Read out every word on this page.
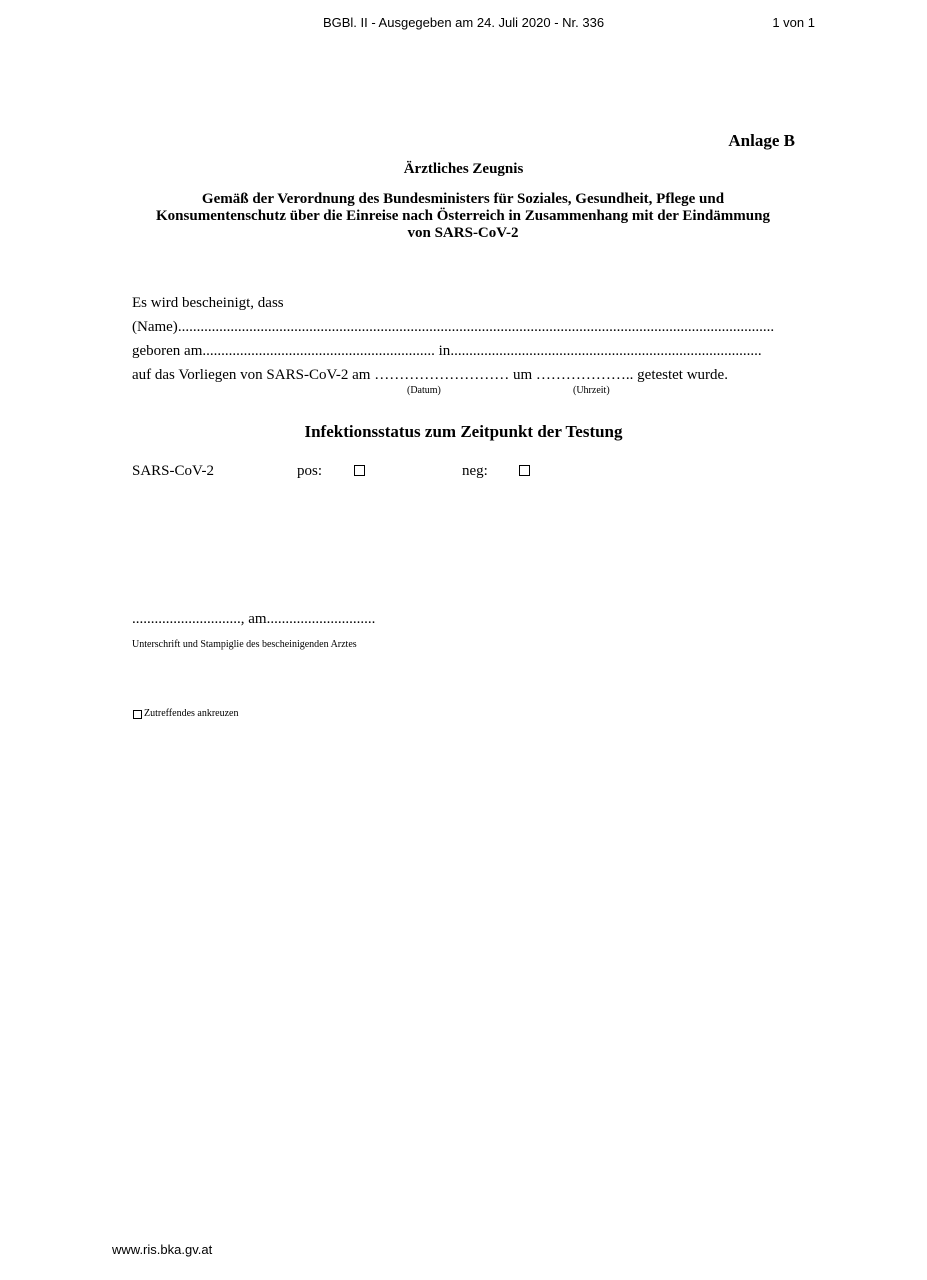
BGBl. II - Ausgegeben am 24. Juli 2020 - Nr. 336	1 von 1
Anlage B
Ärztliches Zeugnis
Gemäß der Verordnung des Bundesministers für Soziales, Gesundheit, Pflege und
Konsumentenschutz über die Einreise nach Österreich in Zusammenhang mit der Eindämmung
von SARS-CoV-2
Es wird bescheinigt, dass
(Name)...............................................................................................................................................................
geboren am.............................................................. in...................................................................................
auf das Vorliegen von SARS-CoV-2 am ……………………… um ……………….. getestet wurde.
(Datum)	(Uhrzeit)
Infektionsstatus zum Zeitpunkt der Testung
SARS-CoV-2	pos:	neg:
............................., am.............................
Unterschrift und Stampiglie des bescheinigenden Arztes
Zutreffendes ankreuzen
www.ris.bka.gv.at
